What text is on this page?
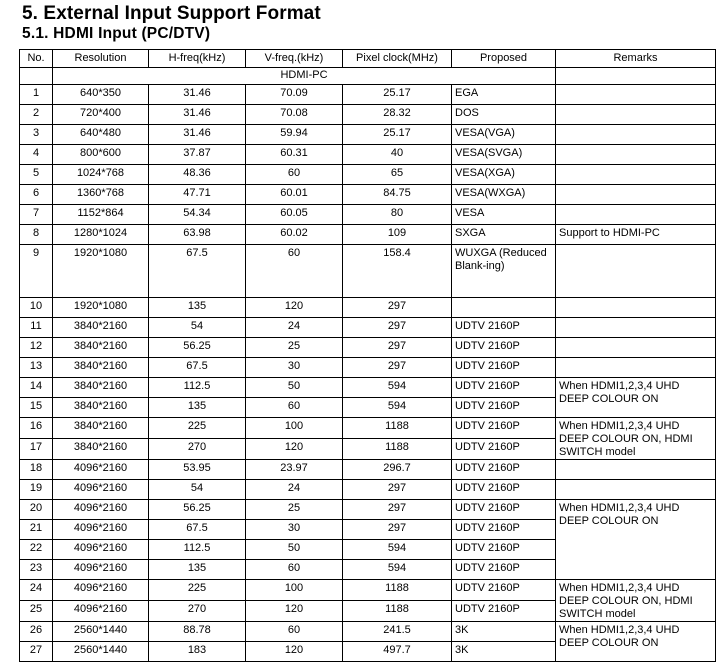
5. External Input Support Format
5.1. HDMI Input (PC/DTV)
No.	Resolution	H-freq(kHz)	V-freq.(kHz)	Pixel clock(MHz)	Proposed	Remarks
	HDMI-PC					
1	640*350	31.46	70.09	25.17	EGA	
2	720*400	31.46	70.08	28.32	DOS	
3	640*480	31.46	59.94	25.17	VESA(VGA)	
4	800*600	37.87	60.31	40	VESA(SVGA)	
5	1024*768	48.36	60	65	VESA(XGA)	
6	1360*768	47.71	60.01	84.75	VESA(WXGA)	
7	1152*864	54.34	60.05	80	VESA	
8	1280*1024	63.98	60.02	109	SXGA	Support to HDMI-PC
9	1920*1080	67.5	60	158.4	WUXGA (Reduced Blank-ing)	
10	1920*1080	135	120	297		
11	3840*2160	54	24	297	UDTV 2160P	
12	3840*2160	56.25	25	297	UDTV 2160P	
13	3840*2160	67.5	30	297	UDTV 2160P	
14	3840*2160	112.5	50	594	UDTV 2160P	When HDMI1,2,3,4 UHD DEEP COLOUR ON
15	3840*2160	135	60	594	UDTV 2160P	
16	3840*2160	225	100	1188	UDTV 2160P	When HDMI1,2,3,4 UHD DEEP COLOUR ON, HDMI SWITCH model
17	3840*2160	270	120	1188	UDTV 2160P	
18	4096*2160	53.95	23.97	296.7	UDTV 2160P	
19	4096*2160	54	24	297	UDTV 2160P	
20	4096*2160	56.25	25	297	UDTV 2160P	When HDMI1,2,3,4 UHD DEEP COLOUR ON
21	4096*2160	67.5	30	297	UDTV 2160P	
22	4096*2160	112.5	50	594	UDTV 2160P	
23	4096*2160	135	60	594	UDTV 2160P	
24	4096*2160	225	100	1188	UDTV 2160P	When HDMI1,2,3,4 UHD DEEP COLOUR ON, HDMI SWITCH model
25	4096*2160	270	120	1188	UDTV 2160P	
26	2560*1440	88.78	60	241.5	3K	When HDMI1,2,3,4 UHD DEEP COLOUR ON
27	2560*1440	183	120	497.7	3K	
